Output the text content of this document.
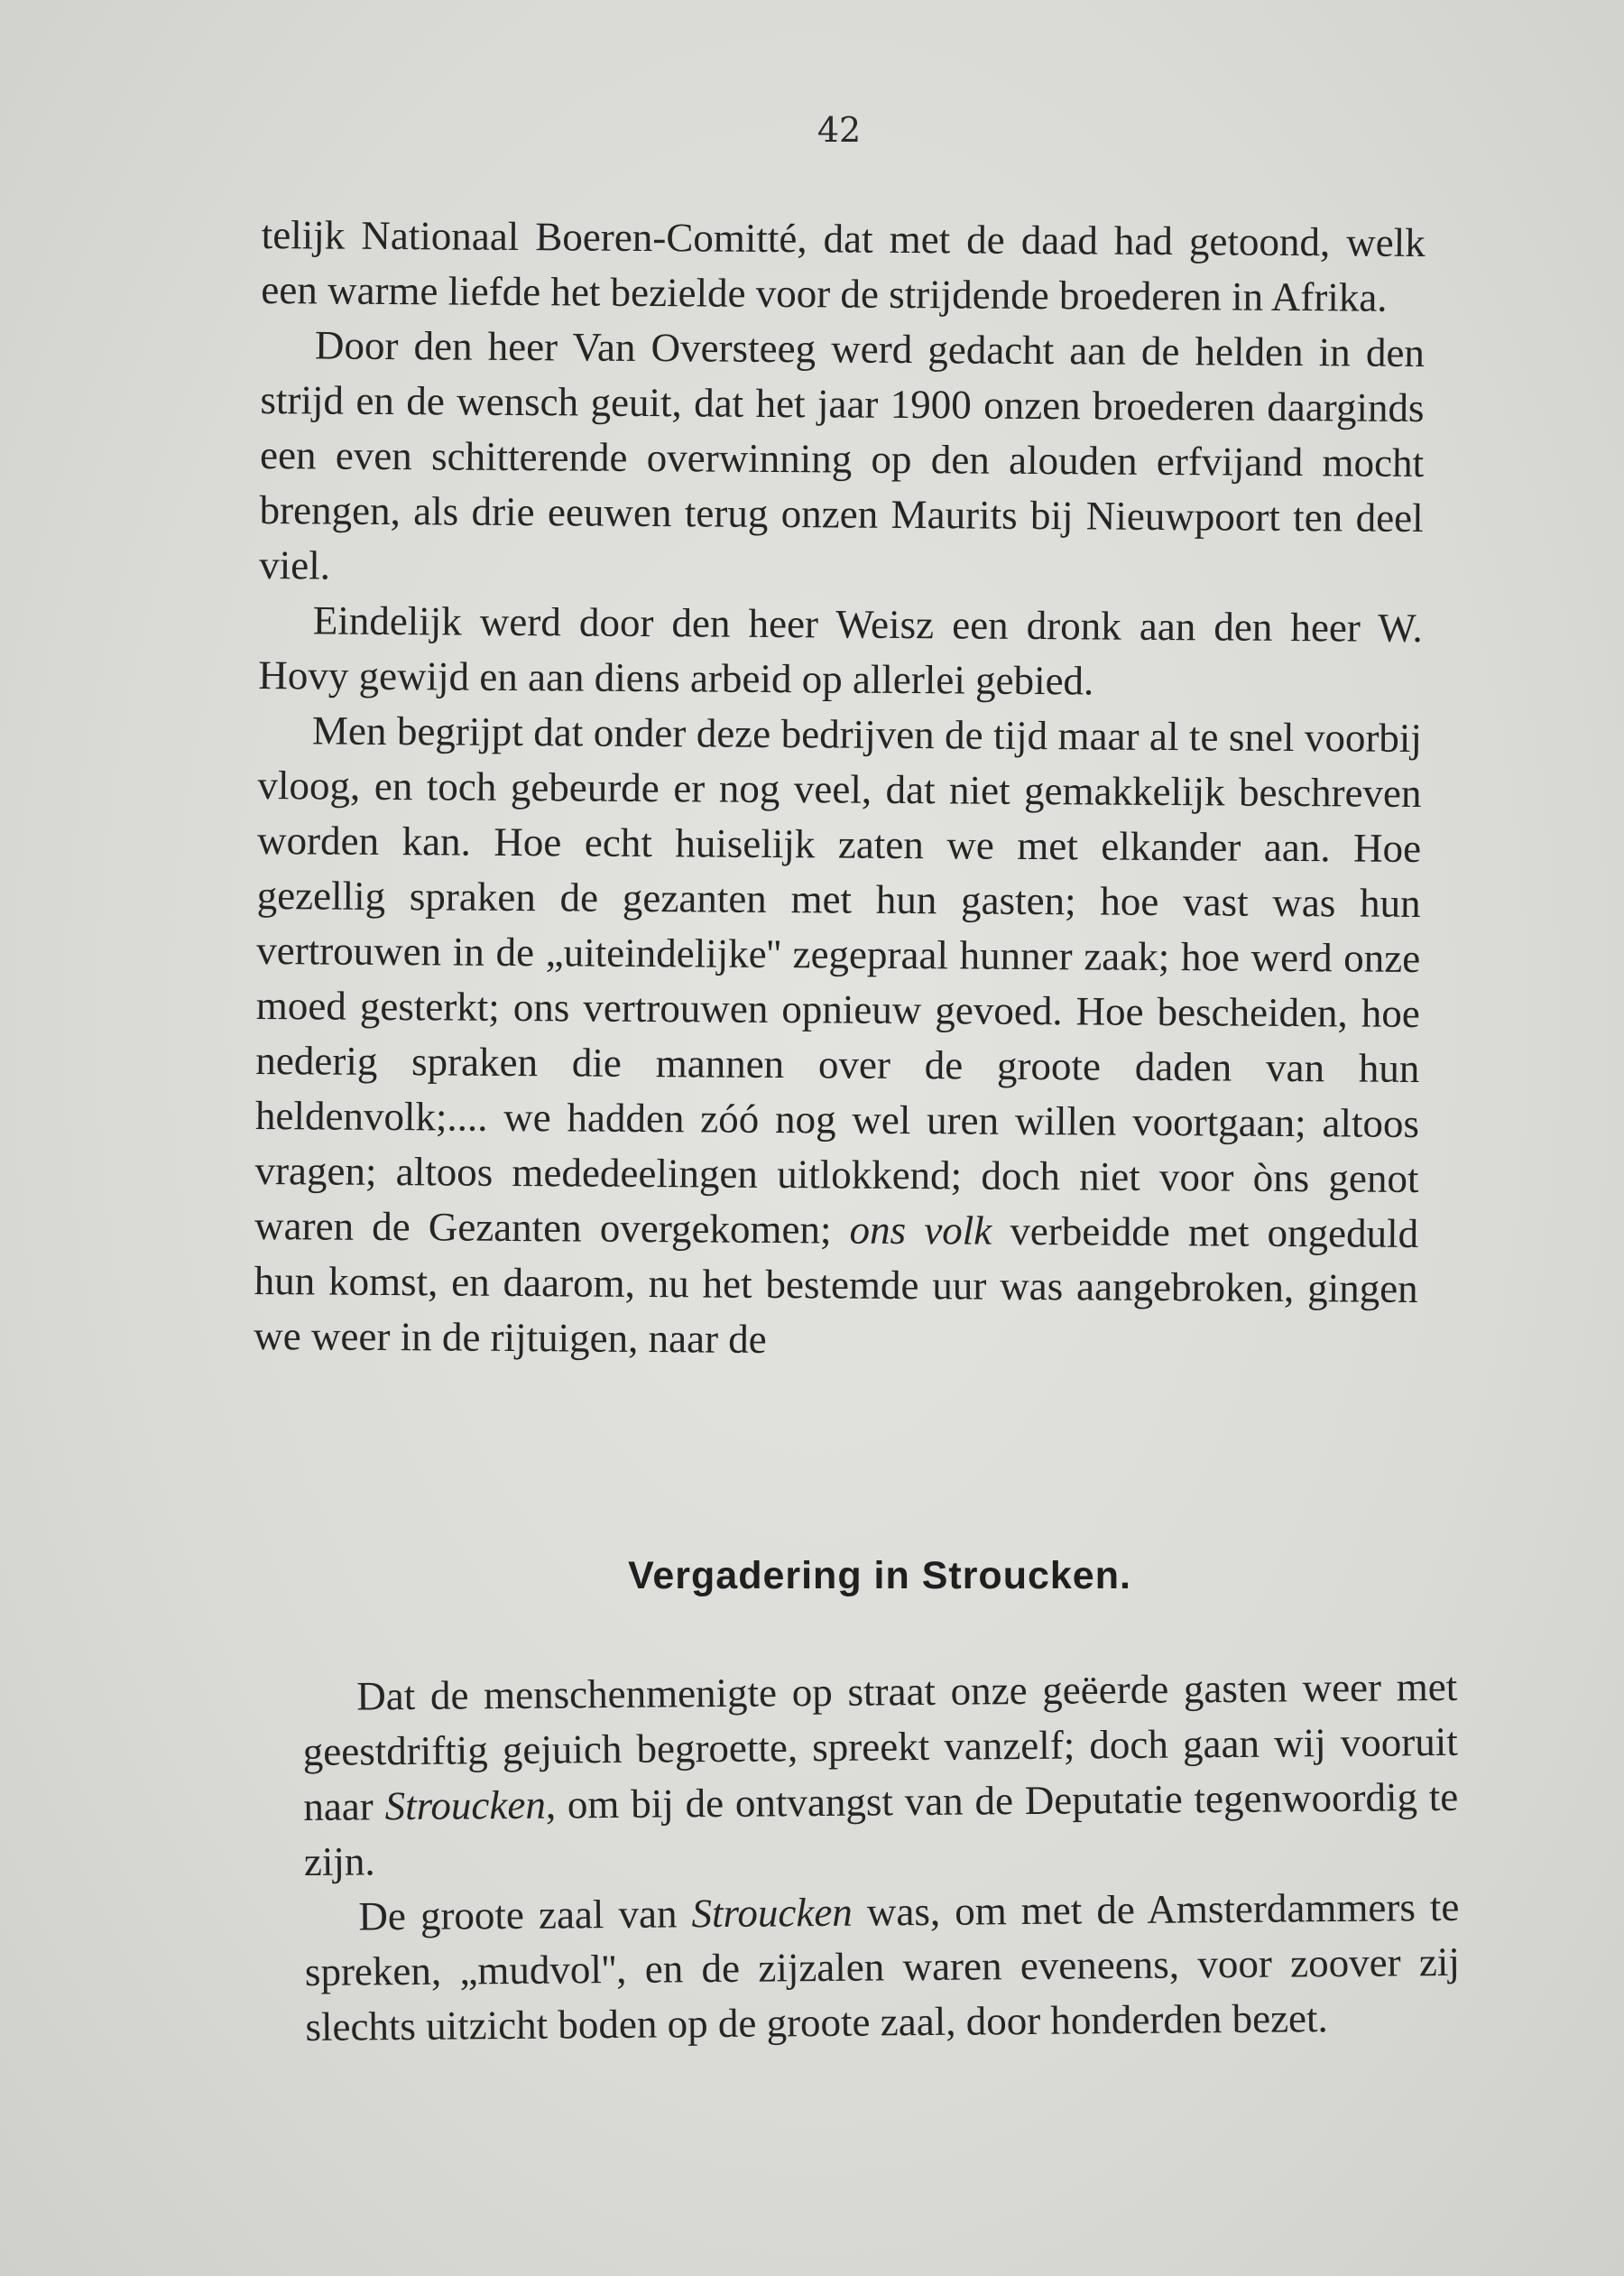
42

telijk Nationaal Boeren-Comitté, dat met de daad had getoond, welk een warme liefde het bezielde voor de strijdende broederen in Afrika.

Door den heer Van Oversteeg werd gedacht aan de helden in den strijd en de wensch geuit, dat het jaar 1900 onzen broederen daarginds een even schitterende overwinning op den alouden erfvijand mocht brengen, als drie eeuwen terug onzen Maurits bij Nieuwpoort ten deel viel.

Eindelijk werd door den heer Weisz een dronk aan den heer W. Hovy gewijd en aan diens arbeid op allerlei gebied.

Men begrijpt dat onder deze bedrijven de tijd maar al te snel voorbij vloog, en toch gebeurde er nog veel, dat niet gemakkelijk beschreven worden kan. Hoe echt huiselijk zaten we met elkander aan. Hoe gezellig spraken de gezanten met hun gasten; hoe vast was hun vertrouwen in de „uiteindelijke'' zegepraal hunner zaak; hoe werd onze moed gesterkt; ons vertrouwen opnieuw gevoed. Hoe bescheiden, hoe nederig spraken die mannen over de groote daden van hun heldenvolk;.... we hadden zóó nog wel uren willen voortgaan; altoos vragen; altoos mededeelingen uitlokkend; doch niet voor òns genot waren de Gezanten overgekomen; ons volk verbeidde met ongeduld hun komst, en daarom, nu het bestemde uur was aangebroken, gingen we weer in de rijtuigen, naar de

Vergadering in Stroucken.

Dat de menschenmenigte op straat onze geëerde gasten weer met geestdriftig gejuich begroette, spreekt vanzelf; doch gaan wij vooruit naar Stroucken, om bij de ontvangst van de Deputatie tegenwoordig te zijn.

De groote zaal van Stroucken was, om met de Amsterdammers te spreken, „mudvol'', en de zijzalen waren eveneens, voor zoover zij slechts uitzicht boden op de groote zaal, door honderden bezet.
